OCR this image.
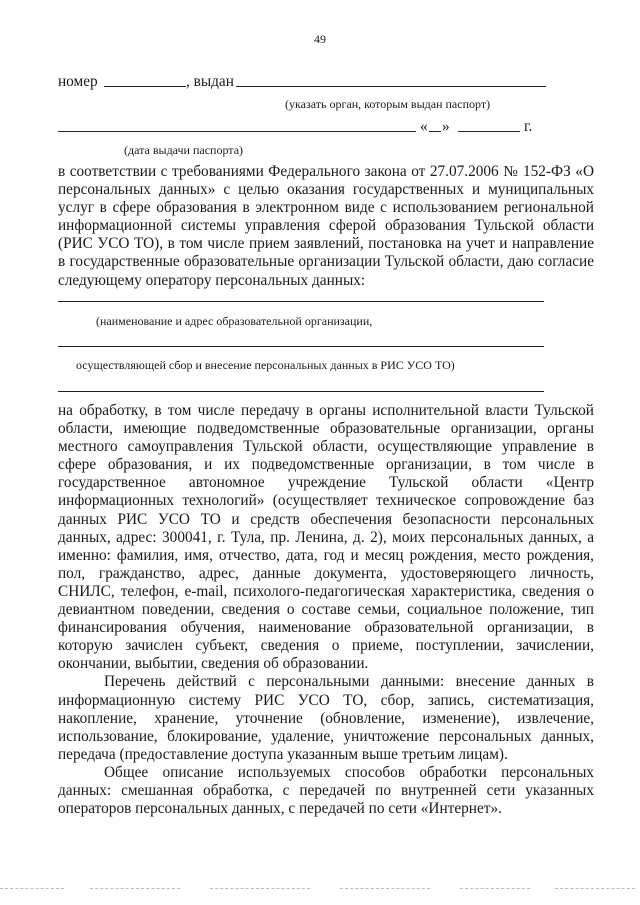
49
номер	, выдан
(указать орган, которым выдан паспорт)
« »	г.
(дата выдачи паспорта)

в соответствии с требованиями Федерального закона от 27.07.2006 № 152-ФЗ «О персональных данных» с целью оказания государственных и муниципальных услуг в сфере образования в электронном виде с использованием региональной информационной системы управления сферой образования Тульской области (РИС УСО ТО), в том числе прием заявлений, постановка на учет и направление в государственные образовательные организации Тульской области, даю согласие следующему оператору персональных данных:

(наименование и адрес образовательной организации,
осуществляющей сбор и внесение персональных данных в РИС УСО ТО)

на обработку, в том числе передачу в органы исполнительной власти Тульской области, имеющие подведомственные образовательные организации, органы местного самоуправления Тульской области, осуществляющие управление в сфере образования, и их подведомственные организации, в том числе в государственное автономное учреждение Тульской области «Центр информационных технологий» (осуществляет техническое сопровождение баз данных РИС УСО ТО и средств обеспечения безопасности персональных данных, адрес: 300041, г. Тула, пр. Ленина, д. 2), моих персональных данных, а именно: фамилия, имя, отчество, дата, год и месяц рождения, место рождения, пол, гражданство, адрес, данные документа, удостоверяющего личность, СНИЛС, телефон, e-mail, психолого-педагогическая характеристика, сведения о девиантном поведении, сведения о составе семьи, социальное положение, тип финансирования обучения, наименование образовательной организации, в которую зачислен субъект, сведения о приеме, поступлении, зачислении, окончании, выбытии, сведения об образовании.

Перечень действий с персональными данными: внесение данных в информационную систему РИС УСО ТО, сбор, запись, систематизация, накопление, хранение, уточнение (обновление, изменение), извлечение, использование, блокирование, удаление, уничтожение персональных данных, передача (предоставление доступа указанным выше третьим лицам).

Общее описание используемых способов обработки персональных данных: смешанная обработка, с передачей по внутренней сети указанных операторов персональных данных, с передачей по сети «Интернет».
